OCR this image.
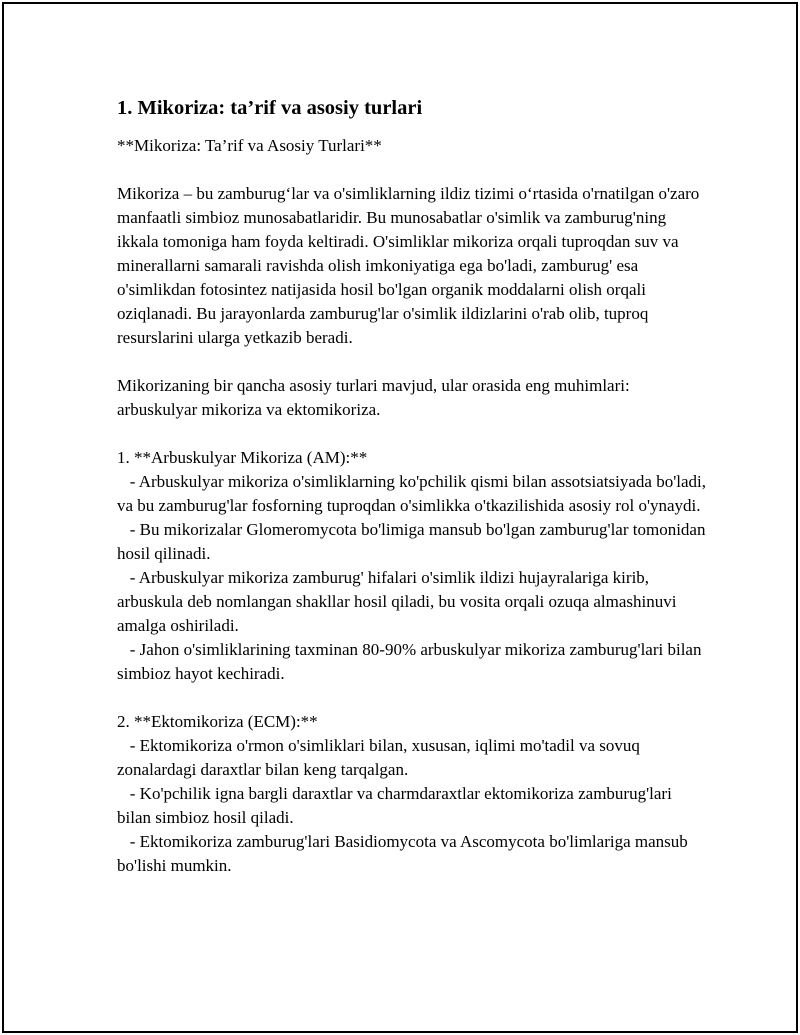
1. Mikoriza: ta’rif va asosiy turlari

**Mikoriza: Ta’rif va Asosiy Turlari**

Mikoriza – bu zamburug‘lar va o'simliklarning ildiz tizimi o‘rtasida o'rnatilgan o'zaro manfaatli simbioz munosabatlaridir. Bu munosabatlar o'simlik va zamburug'ning ikkala tomoniga ham foyda keltiradi. O'simliklar mikoriza orqali tuproqdan suv va minerallarni samarali ravishda olish imkoniyatiga ega bo'ladi, zamburug' esa o'simlikdan fotosintez natijasida hosil bo'lgan organik moddalarni olish orqali oziqlanadi. Bu jarayonlarda zamburug'lar o'simlik ildizlarini o'rab olib, tuproq resurslarini ularga yetkazib beradi.

Mikorizaning bir qancha asosiy turlari mavjud, ular orasida eng muhimlari: arbuskulyar mikoriza va ektomikoriza.

1. **Arbuskulyar Mikoriza (AM):**

- Arbuskulyar mikoriza o'simliklarning ko'pchilik qismi bilan assotsiatsiyada bo'ladi, va bu zamburug'lar fosforning tuproqdan o'simlikka o'tkazilishida asosiy rol o'ynaydi.

- Bu mikorizalar Glomeromycota bo'limiga mansub bo'lgan zamburug'lar tomonidan hosil qilinadi.

- Arbuskulyar mikoriza zamburug' hifalari o'simlik ildizi hujayralariga kirib, arbuskula deb nomlangan shakllar hosil qiladi, bu vosita orqali ozuqa almashinuvi amalga oshiriladi.

- Jahon o'simliklarining taxminan 80-90% arbuskulyar mikoriza zamburug'lari bilan simbioz hayot kechiradi.

2. **Ektomikoriza (ECM):**

- Ektomikoriza o'rmon o'simliklari bilan, xususan, iqlimi mo'tadil va sovuq zonalardagi daraxtlar bilan keng tarqalgan.

- Ko'pchilik igna bargli daraxtlar va charmdaraxtlar ektomikoriza zamburug'lari bilan simbioz hosil qiladi.

- Ektomikoriza zamburug'lari Basidiomycota va Ascomycota bo'limlariga mansub bo'lishi mumkin.
